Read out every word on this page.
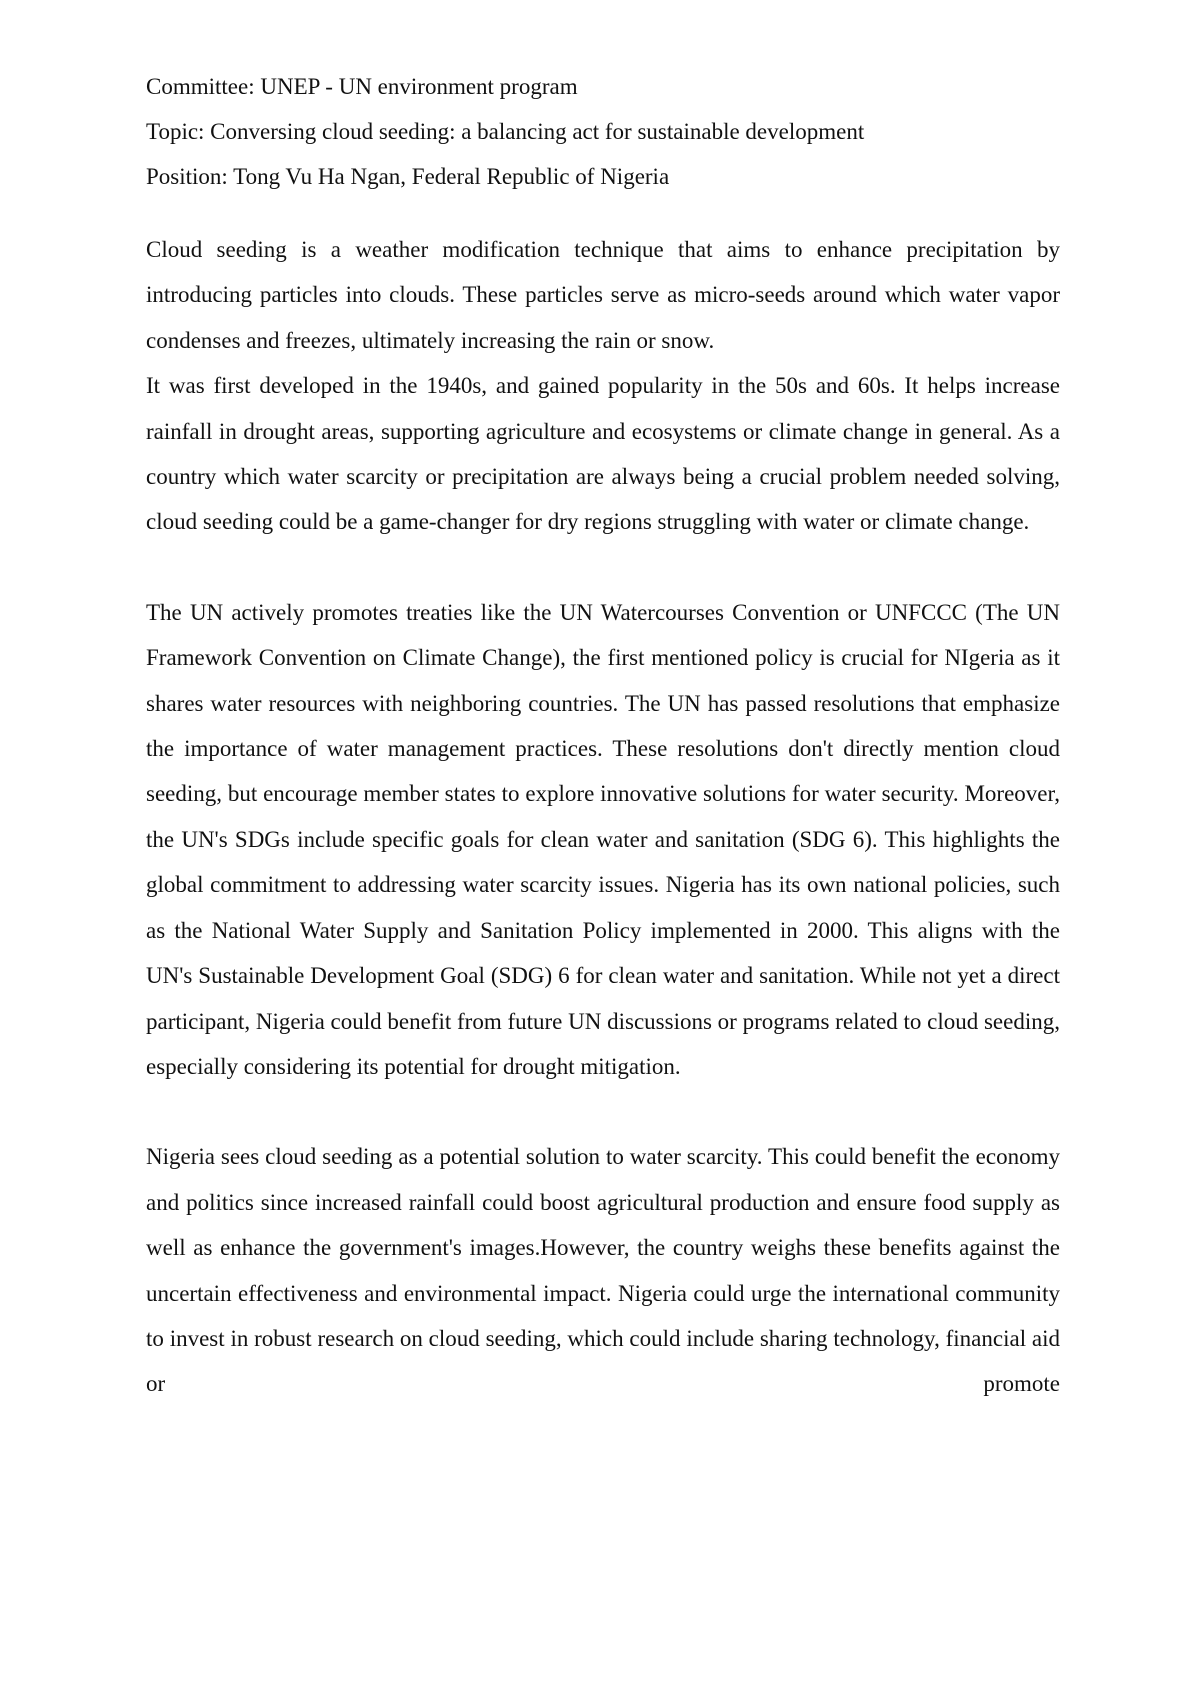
Committee: UNEP - UN environment program

Topic: Conversing cloud seeding: a balancing act for sustainable development

Position: Tong Vu Ha Ngan, Federal Republic of Nigeria

Cloud seeding is a weather modification technique that aims to enhance precipitation by introducing particles into clouds. These particles serve as micro-seeds around which water vapor condenses and freezes, ultimately increasing the rain or snow.

It was first developed in the 1940s, and gained popularity in the 50s and 60s. It helps increase rainfall in drought areas, supporting agriculture and ecosystems or climate change in general. As a country which water scarcity or precipitation are always being a crucial problem needed solving, cloud seeding could be a game-changer for dry regions struggling with water or climate change.

The UN actively promotes treaties like the UN Watercourses Convention or UNFCCC (The UN Framework Convention on Climate Change), the first mentioned policy is crucial for NIgeria as it shares water resources with neighboring countries. The UN has passed resolutions that emphasize the importance of water management practices. These resolutions don't directly mention cloud seeding, but encourage member states to explore innovative solutions for water security. Moreover, the UN's SDGs include specific goals for clean water and sanitation (SDG 6). This highlights the global commitment to addressing water scarcity issues. Nigeria has its own national policies, such as the National Water Supply and Sanitation Policy implemented in 2000. This aligns with the UN's Sustainable Development Goal (SDG) 6 for clean water and sanitation. While not yet a direct participant, Nigeria could benefit from future UN discussions or programs related to cloud seeding, especially considering its potential for drought mitigation.

Nigeria sees cloud seeding as a potential solution to water scarcity. This could benefit the economy and politics since increased rainfall could boost agricultural production and ensure food supply as well as enhance the government's images.However, the country weighs these benefits against the uncertain effectiveness and environmental impact. Nigeria could urge the international community to invest in robust research on cloud seeding, which could include sharing technology, financial aid or promote
